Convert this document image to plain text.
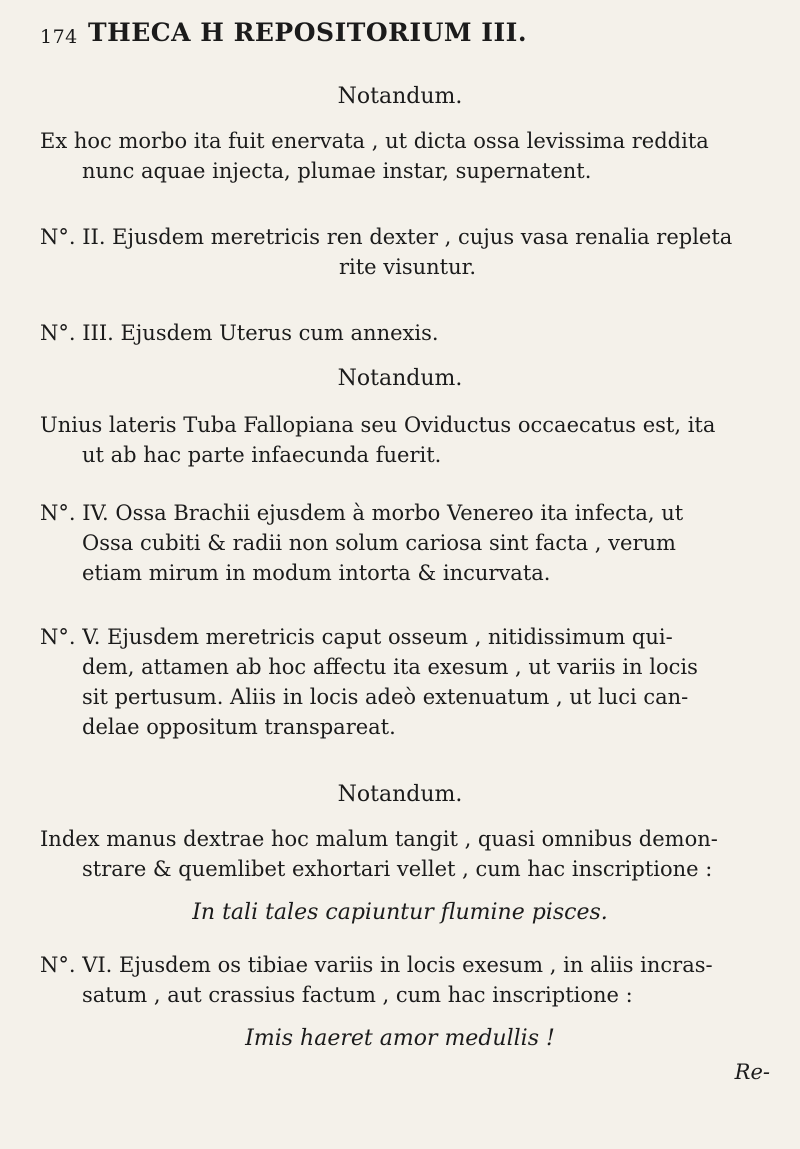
174 THECA H REPOSITORIUM III.
Notandum.
Ex hoc morbo ita fuit enervata , ut dicta ossa levissima reddita
nunc aquae injecta, plumae instar, supernatent.
N°. II. Ejusdem meretricis ren dexter , cujus vasa renalia repleta
rite visuntur.
N°. III. Ejusdem Uterus cum annexis.
Notandum.
Unius lateris Tuba Fallopiana seu Oviductus occaecatus est, ita
ut ab hac parte infaecunda fuerit.
N°. IV. Ossa Brachii ejusdem à morbo Venereo ita infecta, ut
Ossa cubiti & radii non solum cariosa sint facta , verum
etiam mirum in modum intorta & incurvata.
N°. V. Ejusdem meretricis caput osseum , nitidissimum qui-
dem, attamen ab hoc affectu ita exesum , ut variis in locis
sit pertusum. Aliis in locis adeò extenuatum , ut luci can-
delae oppositum transpareat.
Notandum.
Index manus dextrae hoc malum tangit , quasi omnibus demon-
strare & quemlibet exhortari vellet , cum hac inscriptione :
In tali tales capiuntur flumine pisces.
N°. VI. Ejusdem os tibiae variis in locis exesum , in aliis incras-
satum , aut crassius factum , cum hac inscriptione :
Imis haeret amor medullis !
Re-
